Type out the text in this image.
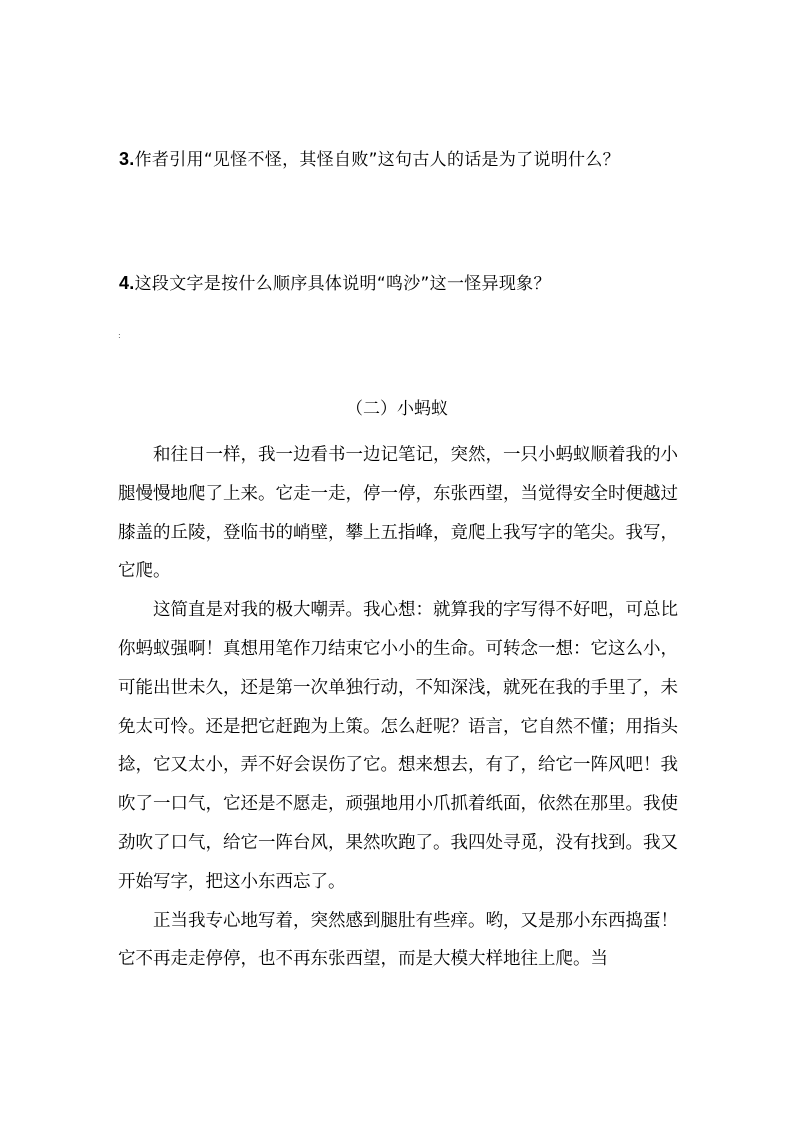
3.作者引用“见怪不怪，其怪自败”这句古人的话是为了说明什么？
4.这段文字是按什么顺序具体说明“鸣沙”这一怪异现象？
:
（二）小蚂蚁

和往日一样，我一边看书一边记笔记，突然，一只小蚂蚁顺着我的小腿慢慢地爬了上来。它走一走，停一停，东张西望，当觉得安全时便越过膝盖的丘陵，登临书的峭壁，攀上五指峰，竟爬上我写字的笔尖。我写，它爬。

这简直是对我的极大嘲弄。我心想：就算我的字写得不好吧，可总比你蚂蚁强啊！真想用笔作刀结束它小小的生命。可转念一想：它这么小，可能出世未久，还是第一次单独行动，不知深浅，就死在我的手里了，未免太可怜。还是把它赶跑为上策。怎么赶呢？语言，它自然不懂；用指头捻，它又太小，弄不好会误伤了它。想来想去，有了，给它一阵风吧！我吹了一口气，它还是不愿走，顽强地用小爪抓着纸面，依然在那里。我使劲吹了口气，给它一阵台风，果然吹跑了。我四处寻觅，没有找到。我又开始写字，把这小东西忘了。

正当我专心地写着，突然感到腿肚有些痒。哟，又是那小东西捣蛋！它不再走走停停，也不再东张西望，而是大模大样地往上爬。当
